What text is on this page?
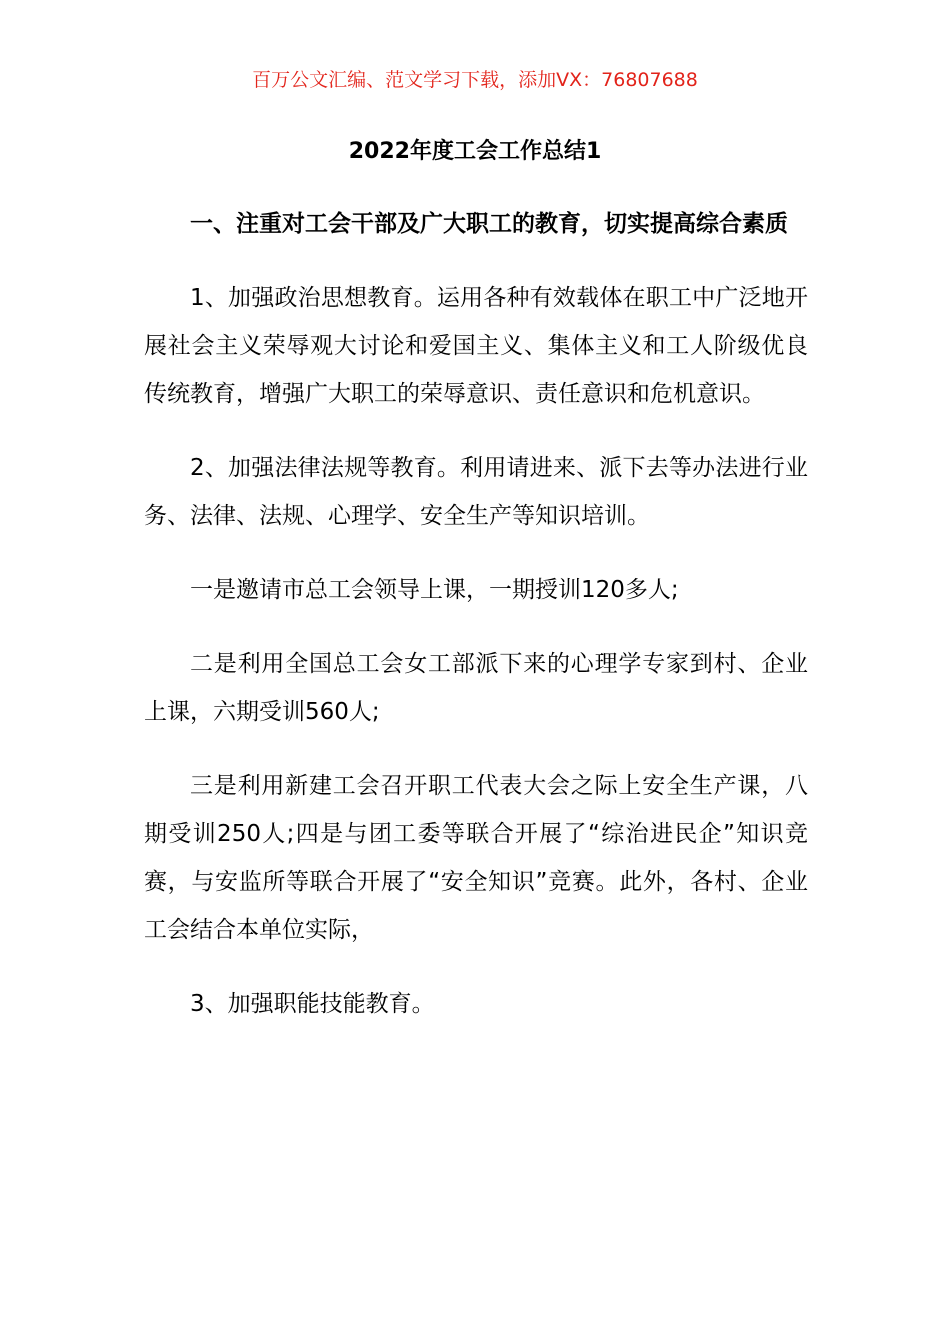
百万公文汇编、范文学习下载，添加VX：76807688
2022年度工会工作总结1

一、注重对工会干部及广大职工的教育，切实提高综合素质

1、加强政治思想教育。运用各种有效载体在职工中广泛地开展社会主义荣辱观大讨论和爱国主义、集体主义和工人阶级优良传统教育，增强广大职工的荣辱意识、责任意识和危机意识。

2、加强法律法规等教育。利用请进来、派下去等办法进行业务、法律、法规、心理学、安全生产等知识培训。

一是邀请市总工会领导上课，一期授训120多人;

二是利用全国总工会女工部派下来的心理学专家到村、企业上课，六期受训560人;

三是利用新建工会召开职工代表大会之际上安全生产课，八期受训250人;四是与团工委等联合开展了“综治进民企”知识竞赛，与安监所等联合开展了“安全知识”竞赛。此外，各村、企业工会结合本单位实际，

3、加强职能技能教育。
